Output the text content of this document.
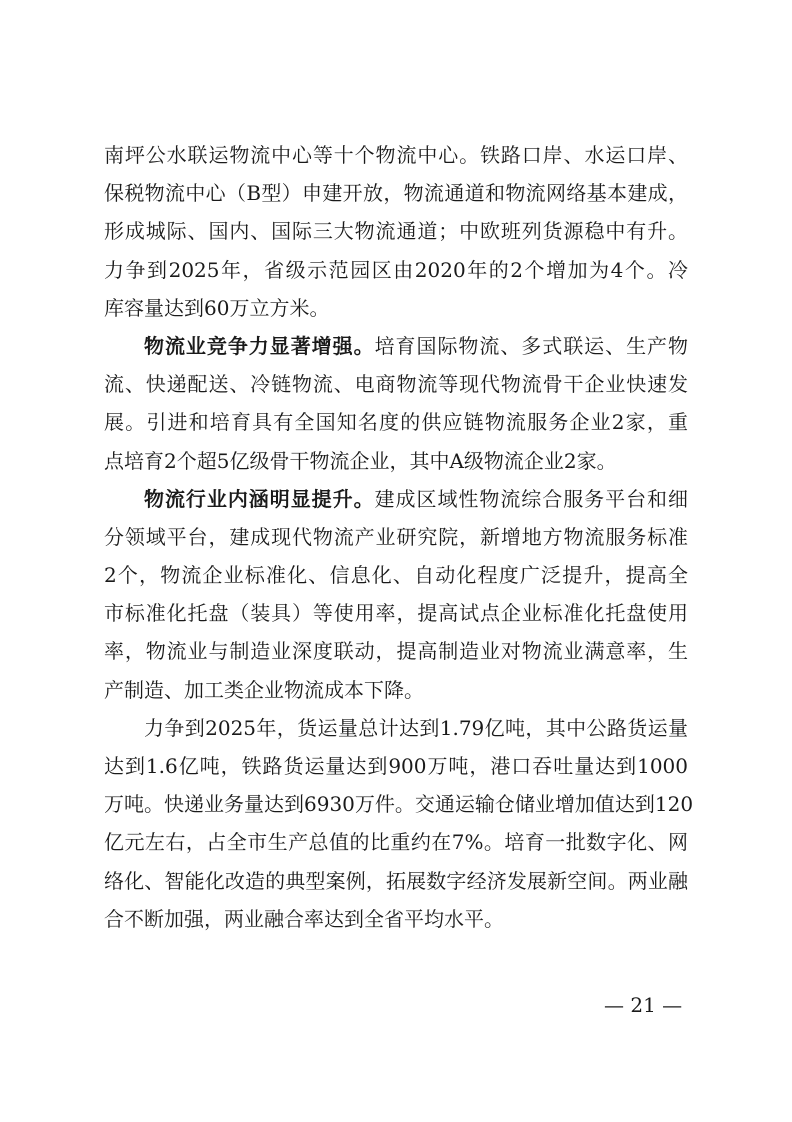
南坪公水联运物流中心等十个物流中心。铁路口岸、水运口岸、
保税物流中心（B型）申建开放，物流通道和物流网络基本建成，
形成城际、国内、国际三大物流通道；中欧班列货源稳中有升。
力争到2025年，省级示范园区由2020年的2个增加为4个。冷
库容量达到60万立方米。
物流业竞争力显著增强。培育国际物流、多式联运、生产物
流、快递配送、冷链物流、电商物流等现代物流骨干企业快速发
展。引进和培育具有全国知名度的供应链物流服务企业2家，重
点培育2个超5亿级骨干物流企业，其中A级物流企业2家。
物流行业内涵明显提升。建成区域性物流综合服务平台和细
分领域平台，建成现代物流产业研究院，新增地方物流服务标准
2个，物流企业标准化、信息化、自动化程度广泛提升，提高全
市标准化托盘（装具）等使用率，提高试点企业标准化托盘使用
率，物流业与制造业深度联动，提高制造业对物流业满意率，生
产制造、加工类企业物流成本下降。
力争到2025年，货运量总计达到1.79亿吨，其中公路货运量
达到1.6亿吨，铁路货运量达到900万吨，港口吞吐量达到1000
万吨。快递业务量达到6930万件。交通运输仓储业增加值达到120
亿元左右，占全市生产总值的比重约在7%。培育一批数字化、网
络化、智能化改造的典型案例，拓展数字经济发展新空间。两业融
合不断加强，两业融合率达到全省平均水平。
— 21 —
